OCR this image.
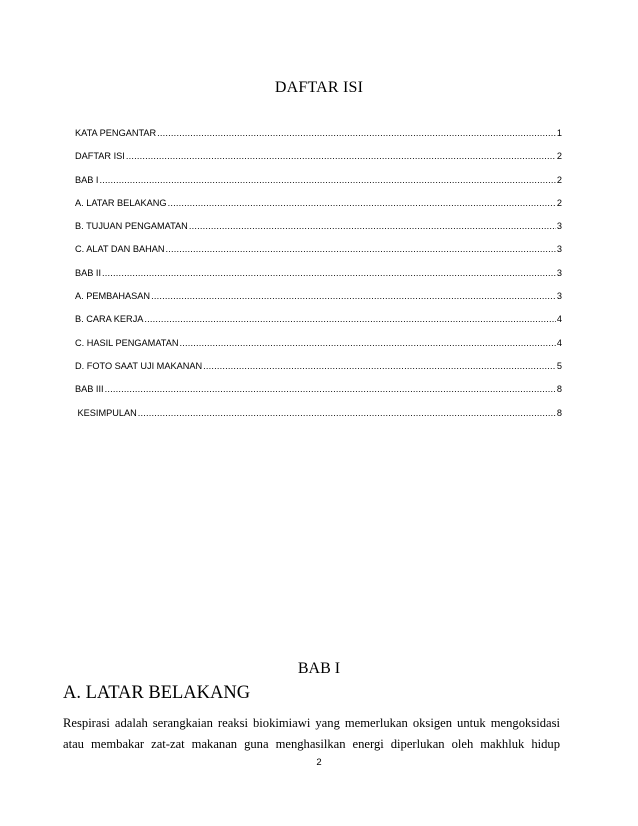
DAFTAR ISI
KATA PENGANTAR .....	1
DAFTAR ISI .....	2
BAB I .....	2
A. LATAR BELAKANG .....	2
B. TUJUAN PENGAMATAN .....	3
C. ALAT DAN BAHAN .....	3
BAB II .....	3
A. PEMBAHASAN .....	3
B. CARA KERJA .....	4
C. HASIL PENGAMATAN .....	4
D. FOTO SAAT UJI MAKANAN .....	5
BAB III .....	8
KESIMPULAN .....	8
BAB I
A. LATAR BELAKANG

Respirasi adalah serangkaian reaksi biokimiawi yang memerlukan oksigen untuk mengoksidasi atau membakar zat-zat makanan guna menghasilkan energi diperlukan oleh makhluk hidup

2
